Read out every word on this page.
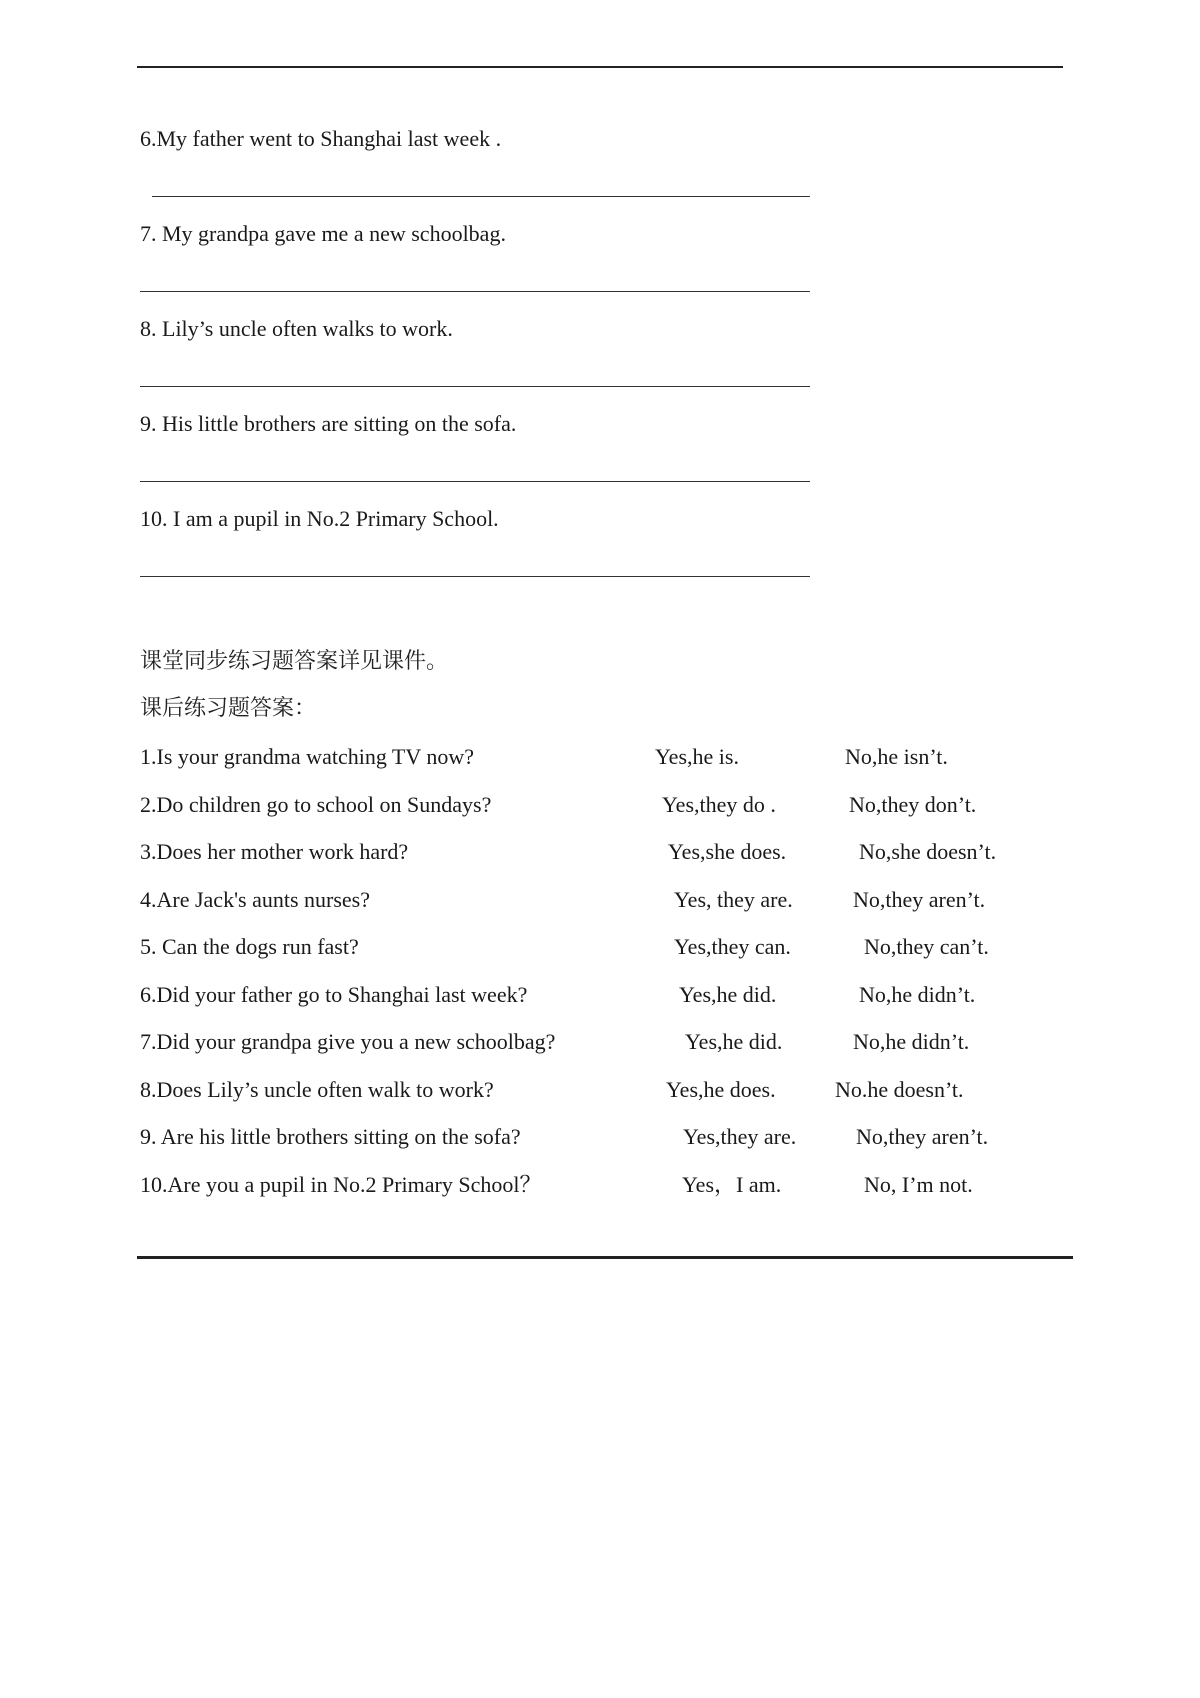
6.My father went to Shanghai last week .
7. My grandpa gave me a new schoolbag.
8. Lily’s uncle often walks to work.
9. His little brothers are sitting on the sofa.
10. I am a pupil in No.2 Primary School.
课堂同步练习题答案详见课件。
课后练习题答案：
1.Is your grandma watching TV now?	Yes,he is.	No,he isn’t.
2.Do children go to school on Sundays?	Yes,they do .	No,they don’t.
3.Does her mother work hard?	Yes,she does.	No,she doesn’t.
4.Are Jack's aunts nurses?	Yes, they are.	No,they aren’t.
5. Can the dogs run fast?	Yes,they can.	No,they can’t.
6.Did your father go to Shanghai last week?	Yes,he did.	No,he didn’t.
7.Did your grandpa give you a new schoolbag?	Yes,he did.	No,he didn’t.
8.Does Lily’s uncle often walk to work?	Yes,he does.	No.he doesn’t.
9. Are his little brothers sitting on the sofa?	Yes,they are.	No,they aren’t.
10.Are you a pupil in No.2 Primary School？	Yes，I am.	No, I’m not.
